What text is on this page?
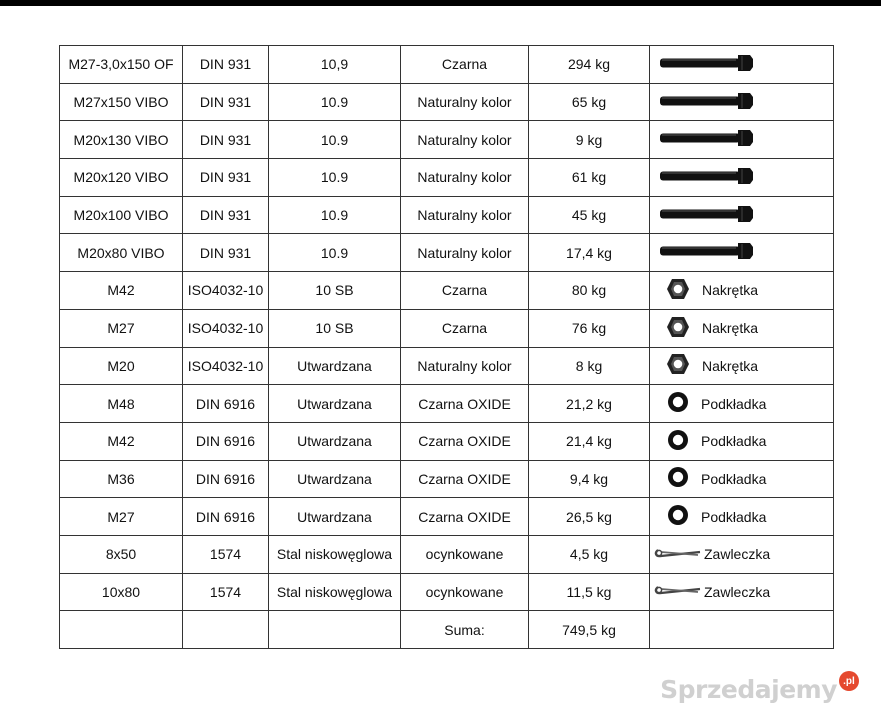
M27-3,0x150 OF	DIN 931	10,9	Czarna	294 kg	

M27x150 VIBO	DIN 931	10.9	Naturalny kolor	65 kg	

M20x130 VIBO	DIN 931	10.9	Naturalny kolor	9 kg	

M20x120 VIBO	DIN 931	10.9	Naturalny kolor	61 kg	

M20x100 VIBO	DIN 931	10.9	Naturalny kolor	45 kg	

M20x80 VIBO	DIN 931	10.9	Naturalny kolor	17,4 kg	

M42	ISO4032-10	10 SB	Czarna	80 kg	Nakrętka

M27	ISO4032-10	10 SB	Czarna	76 kg	Nakrętka

M20	ISO4032-10	Utwardzana	Naturalny kolor	8 kg	Nakrętka

M48	DIN 6916	Utwardzana	Czarna OXIDE	21,2 kg	Podkładka

M42	DIN 6916	Utwardzana	Czarna OXIDE	21,4 kg	Podkładka

M36	DIN 6916	Utwardzana	Czarna OXIDE	9,4 kg	Podkładka

M27	DIN 6916	Utwardzana	Czarna OXIDE	26,5 kg	Podkładka

8x50	1574	Stal niskowęglowa	ocynkowane	4,5 kg	Zawleczka

10x80	1574	Stal niskowęglowa	ocynkowane	11,5 kg	Zawleczka

			Suma:	749,5 kg	
Sprzedajemy .pl
